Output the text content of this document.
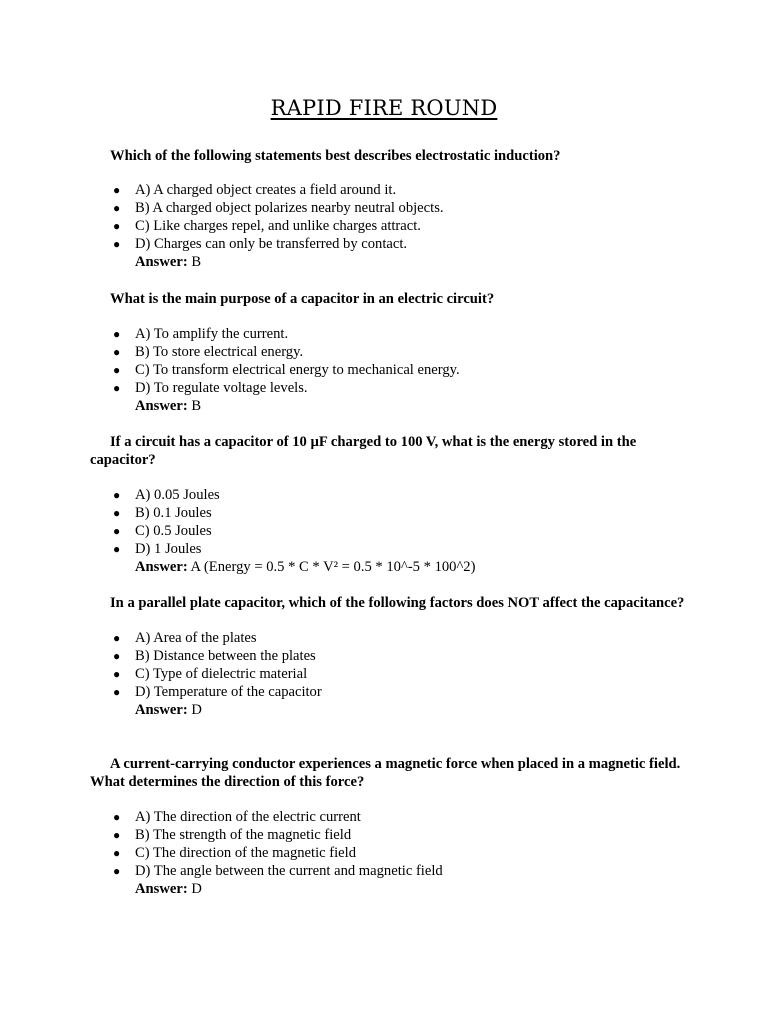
RAPID FIRE ROUND

Which of the following statements best describes electrostatic induction?

● A) A charged object creates a field around it.
● B) A charged object polarizes nearby neutral objects.
● C) Like charges repel, and unlike charges attract.
● D) Charges can only be transferred by contact.
Answer: B

What is the main purpose of a capacitor in an electric circuit?

● A) To amplify the current.
● B) To store electrical energy.
● C) To transform electrical energy to mechanical energy.
● D) To regulate voltage levels.
Answer: B

If a circuit has a capacitor of 10 µF charged to 100 V, what is the energy stored in the capacitor?

● A) 0.05 Joules
● B) 0.1 Joules
● C) 0.5 Joules
● D) 1 Joules
Answer: A (Energy = 0.5 * C * V² = 0.5 * 10^-5 * 100^2)

In a parallel plate capacitor, which of the following factors does NOT affect the capacitance?

● A) Area of the plates
● B) Distance between the plates
● C) Type of dielectric material
● D) Temperature of the capacitor
Answer: D

A current-carrying conductor experiences a magnetic force when placed in a magnetic field. What determines the direction of this force?

● A) The direction of the electric current
● B) The strength of the magnetic field
● C) The direction of the magnetic field
● D) The angle between the current and magnetic field
Answer: D
